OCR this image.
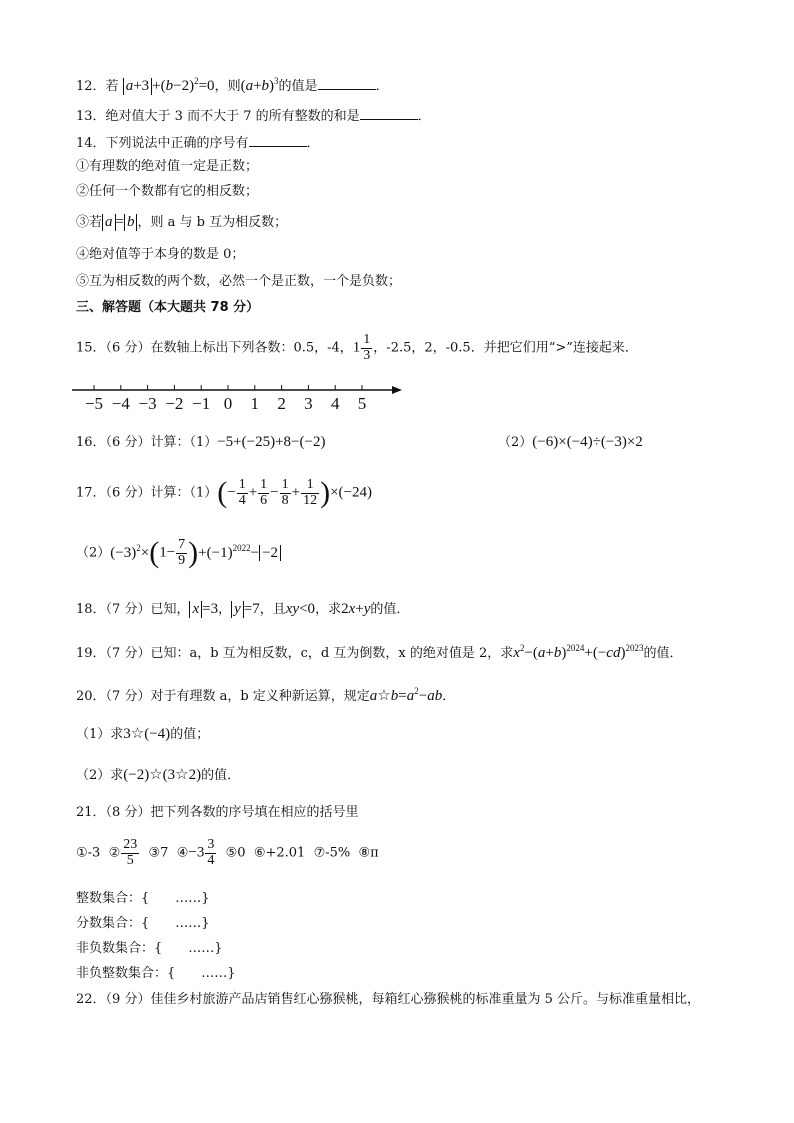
12．若 $a+3 +(b-2)^2=0$，则$(a+b)^3$的值是	．
13．绝对值大于 3 而不大于 7 的所有整数的和是	．
14．下列说法中正确的序号有	．
①有理数的绝对值一定是正数；
②任何一个数都有它的相反数；
③若 a = b ，则 a 与 b 互为相反数；
④绝对值等于本身的数是 0；
⑤互为相反数的两个数，必然一个是正数，一个是负数；
三、解答题（本大题共 78 分）
15．（6 分）在数轴上标出下列各数：0.5，-4，$1 \frac{1}{3}$ ，-2.5，2，-0.5．并把它们用“>”连接起来．
−5 −4 −3 −2 −1 0 1 2 3 4 5
16．（6 分）计算：（1）−5+(−25)+8−(−2)	（2）(−6)×(−4)÷(−3)×2
17．（6 分）计算：$(1)(- \frac{1}{4} + \frac{1}{6} - \frac{1}{8} + \frac{1}{12} )\times(-24)$
$(2)(-3)^2\times(1- \frac{7}{9} )+(-1)^{2022}- -2$
18．（7 分）已知， x =3， y =7，且xy<0，求2x+y的值．
19．（7 分）已知：a，b 互为相反数，c，d 互为倒数，x 的绝对值是 2，求$x^2-(a+b)^{2024}+(-cd)^{2023}$的值．
20．（7 分）对于有理数 a，b 定义种新运算，规定$a☆b=a^2-ab$．
（1）求3☆(−4)的值；
（2）求(−2)☆(3☆2)的值．
21．（8 分）把下列各数的序号填在相应的括号里
①-3 ② $\frac{23}{5}$ ③7 ④−3 $\frac{3}{4}$ ⑤0 ⑥+2.01 ⑦-5% ⑧π
整数集合：{　　……}
分数集合：{　　……}
非负数集合：{　　……}
非负整数集合：{　　……}
22．（9 分）佳佳乡村旅游产品店销售红心猕猴桃，每箱红心猕猴桃的标准重量为 5 公斤。与标准重量相比，
